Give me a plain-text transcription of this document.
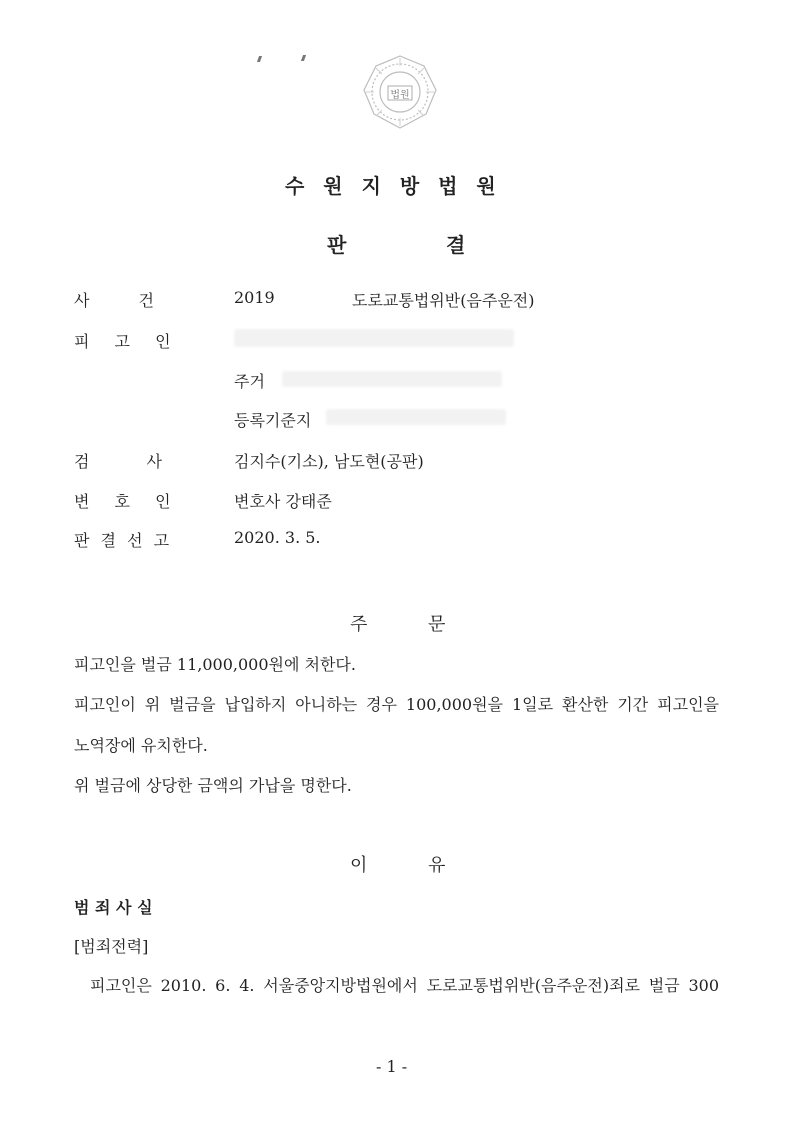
법원
수 원 지 방 법 원
판	결
사 건	2019	도로교통법위반(음주운전)
피 고 인
주거
등록기준지
검 사	김지수(기소), 남도현(공판)
변 호 인	변호사 강태준
판 결 선 고	2020. 3. 5.
주	문
피고인을 벌금 11,000,000원에 처한다.
피고인이 위 벌금을 납입하지 아니하는 경우 100,000원을 1일로 환산한 기간 피고인을
노역장에 유치한다.
위 벌금에 상당한 금액의 가납을 명한다.
이	유
범 죄 사 실
[범죄전력]
피고인은 2010. 6. 4. 서울중앙지방법원에서 도로교통법위반(음주운전)죄로 벌금 300
- 1 -
